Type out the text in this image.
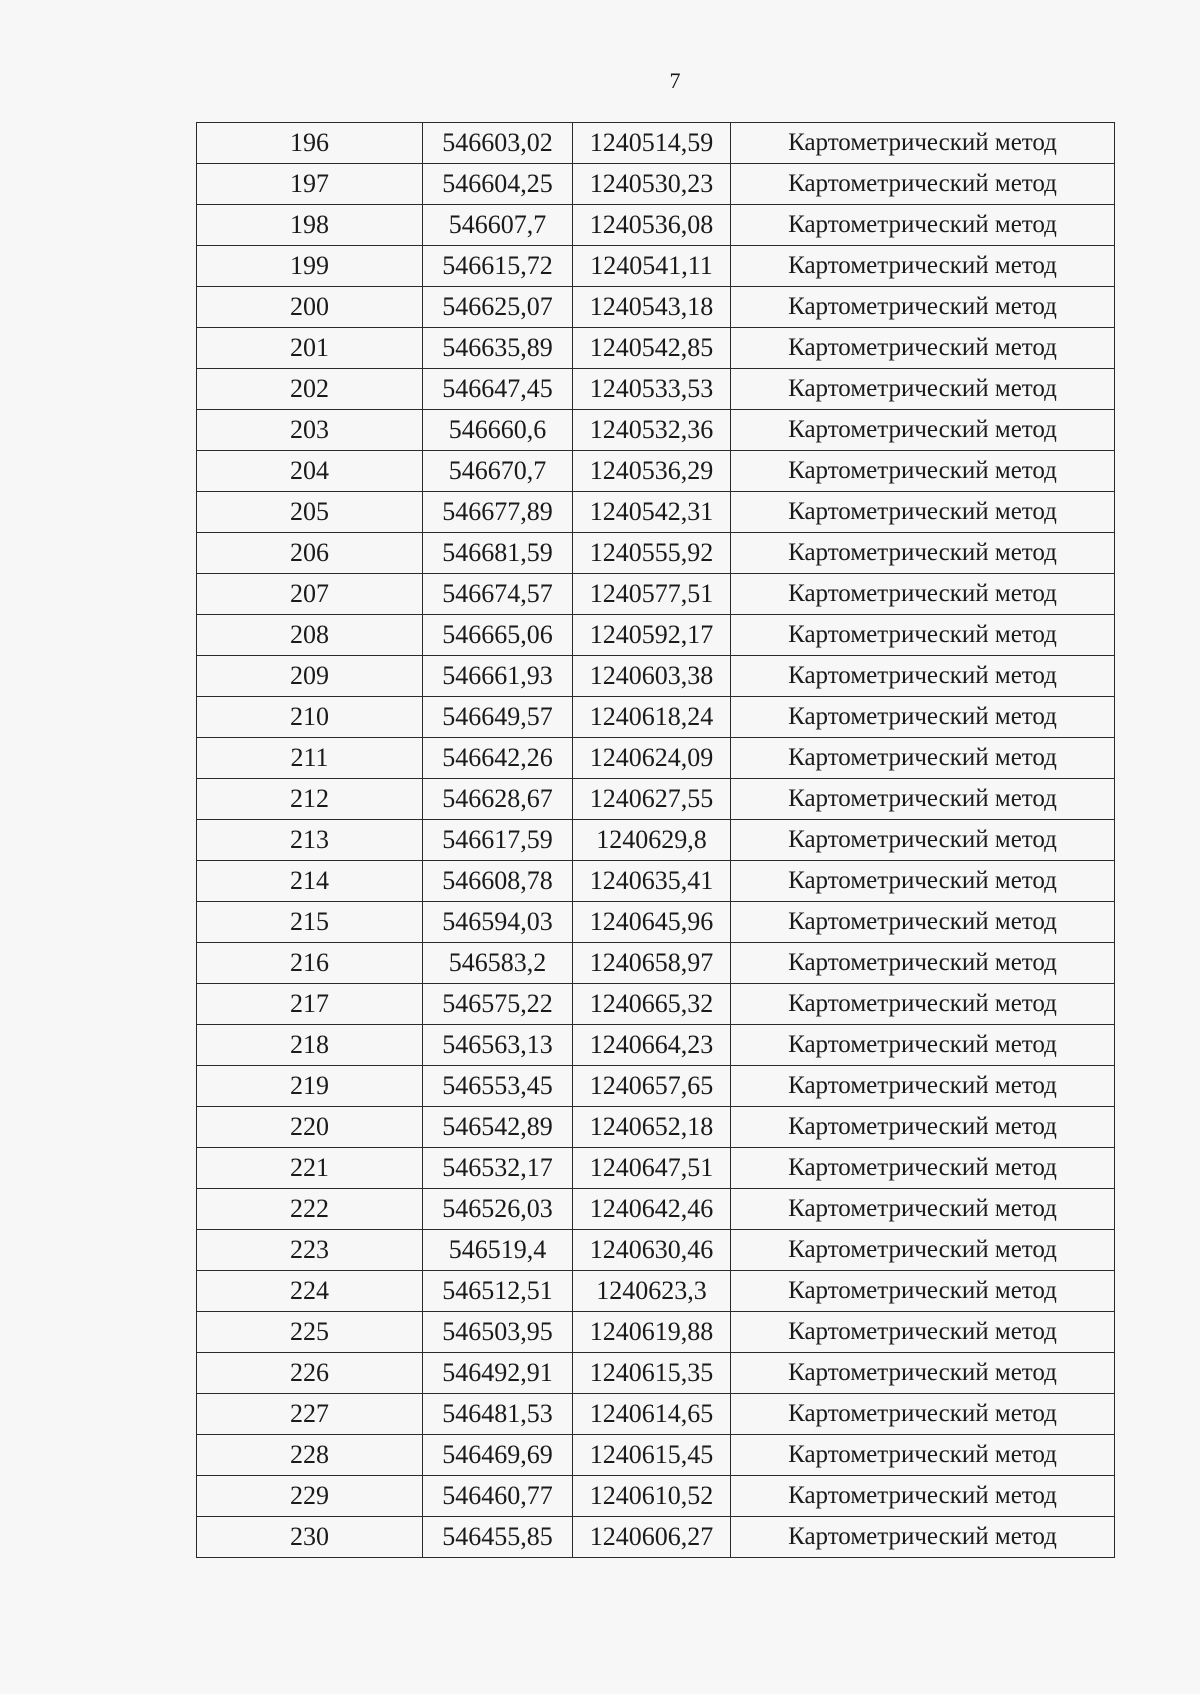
7
196	546603,02	1240514,59	Картометрический метод
197	546604,25	1240530,23	Картометрический метод
198	546607,7	1240536,08	Картометрический метод
199	546615,72	1240541,11	Картометрический метод
200	546625,07	1240543,18	Картометрический метод
201	546635,89	1240542,85	Картометрический метод
202	546647,45	1240533,53	Картометрический метод
203	546660,6	1240532,36	Картометрический метод
204	546670,7	1240536,29	Картометрический метод
205	546677,89	1240542,31	Картометрический метод
206	546681,59	1240555,92	Картометрический метод
207	546674,57	1240577,51	Картометрический метод
208	546665,06	1240592,17	Картометрический метод
209	546661,93	1240603,38	Картометрический метод
210	546649,57	1240618,24	Картометрический метод
211	546642,26	1240624,09	Картометрический метод
212	546628,67	1240627,55	Картометрический метод
213	546617,59	1240629,8	Картометрический метод
214	546608,78	1240635,41	Картометрический метод
215	546594,03	1240645,96	Картометрический метод
216	546583,2	1240658,97	Картометрический метод
217	546575,22	1240665,32	Картометрический метод
218	546563,13	1240664,23	Картометрический метод
219	546553,45	1240657,65	Картометрический метод
220	546542,89	1240652,18	Картометрический метод
221	546532,17	1240647,51	Картометрический метод
222	546526,03	1240642,46	Картометрический метод
223	546519,4	1240630,46	Картометрический метод
224	546512,51	1240623,3	Картометрический метод
225	546503,95	1240619,88	Картометрический метод
226	546492,91	1240615,35	Картометрический метод
227	546481,53	1240614,65	Картометрический метод
228	546469,69	1240615,45	Картометрический метод
229	546460,77	1240610,52	Картометрический метод
230	546455,85	1240606,27	Картометрический метод
